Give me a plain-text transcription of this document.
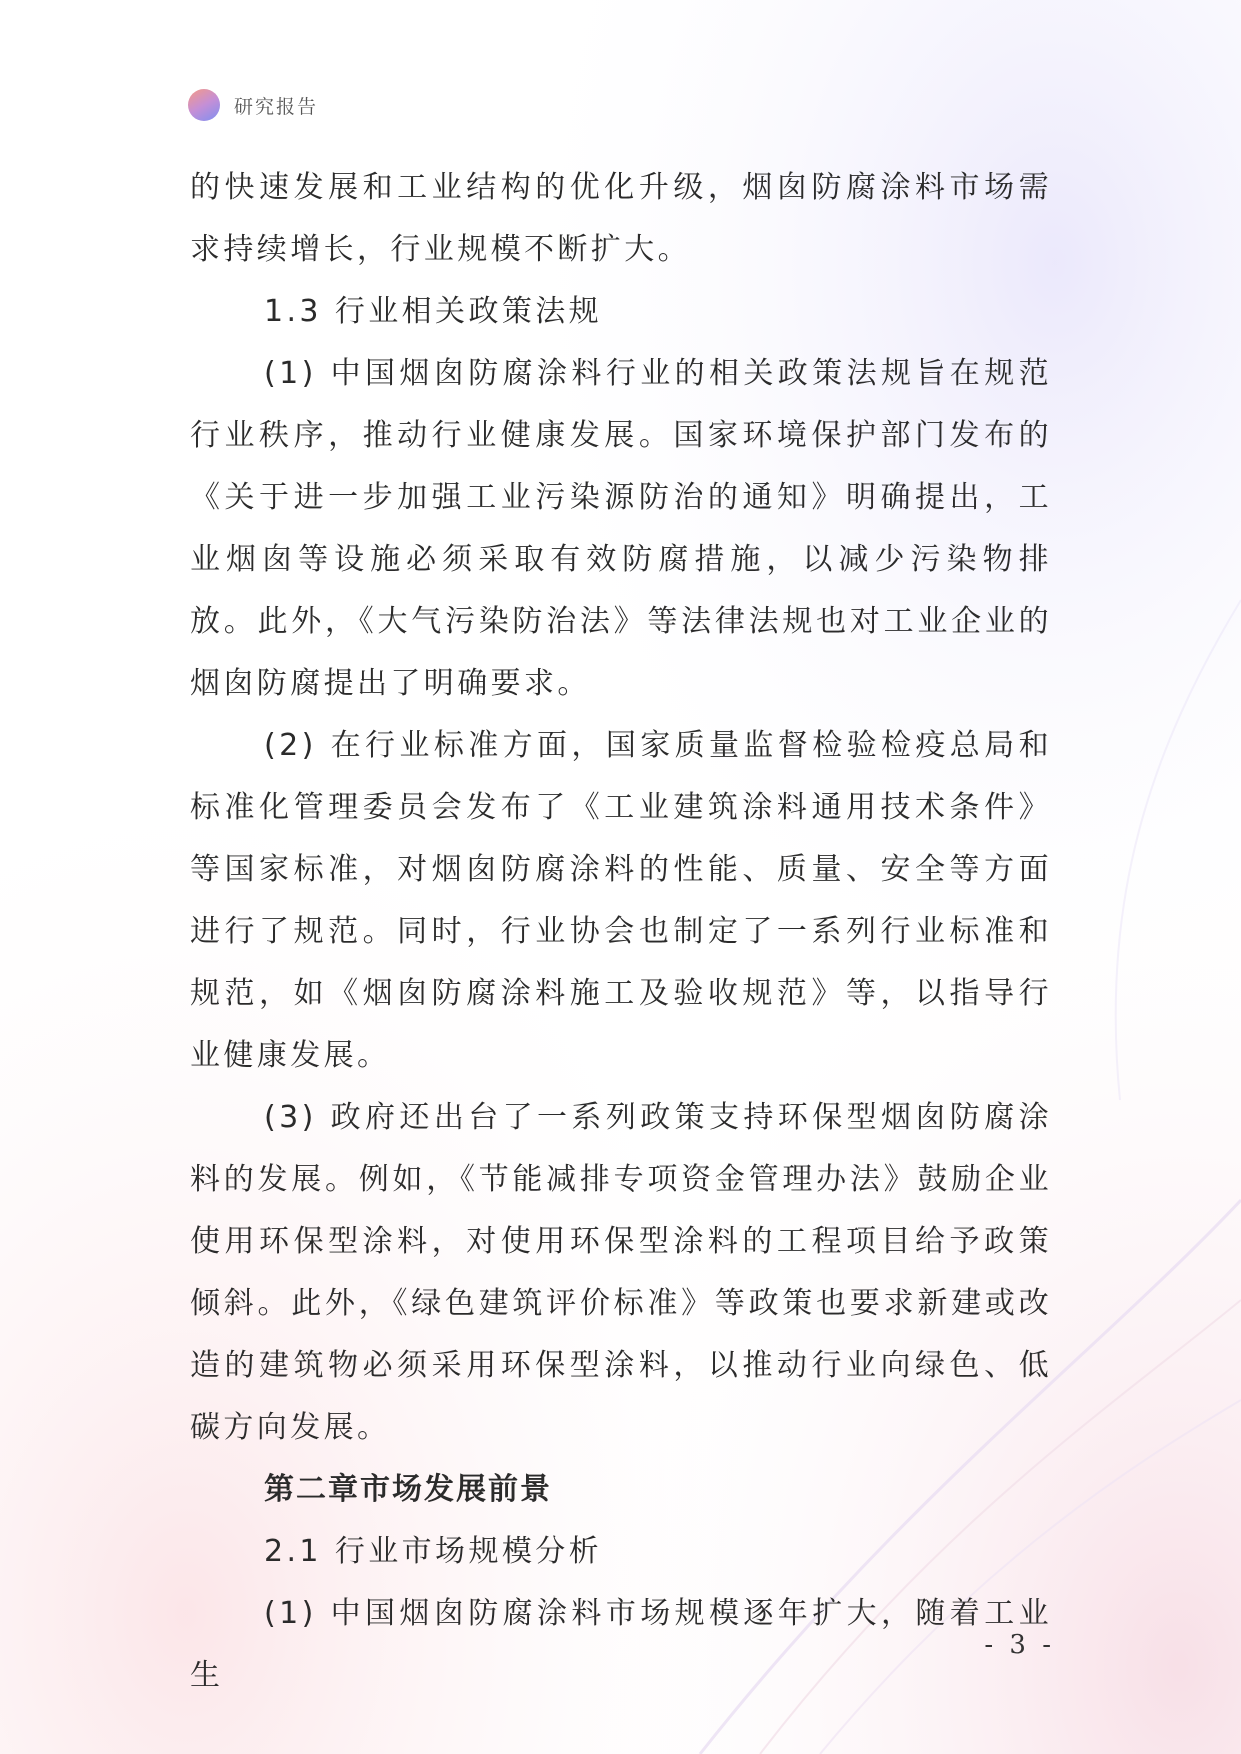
研究报告

的快速发展和工业结构的优化升级，烟囱防腐涂料市场需求持续增长，行业规模不断扩大。

1.3 行业相关政策法规

(1) 中国烟囱防腐涂料行业的相关政策法规旨在规范行业秩序，推动行业健康发展。国家环境保护部门发布的《关于进一步加强工业污染源防治的通知》明确提出，工业烟囱等设施必须采取有效防腐措施，以减少污染物排放。此外，《大气污染防治法》等法律法规也对工业企业的烟囱防腐提出了明确要求。

(2) 在行业标准方面，国家质量监督检验检疫总局和标准化管理委员会发布了《工业建筑涂料通用技术条件》等国家标准，对烟囱防腐涂料的性能、质量、安全等方面进行了规范。同时，行业协会也制定了一系列行业标准和规范，如《烟囱防腐涂料施工及验收规范》等，以指导行业健康发展。

(3) 政府还出台了一系列政策支持环保型烟囱防腐涂料的发展。例如，《节能减排专项资金管理办法》鼓励企业使用环保型涂料，对使用环保型涂料的工程项目给予政策倾斜。此外，《绿色建筑评价标准》等政策也要求新建或改造的建筑物必须采用环保型涂料，以推动行业向绿色、低碳方向发展。

第二章市场发展前景

2.1 行业市场规模分析

(1) 中国烟囱防腐涂料市场规模逐年扩大，随着工业生

- 3 -
